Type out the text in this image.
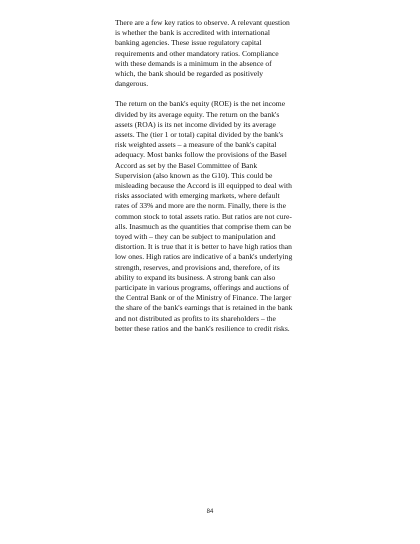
There are a few key ratios to observe. A relevant question
is whether the bank is accredited with international
banking agencies. These issue regulatory capital
requirements and other mandatory ratios. Compliance
with these demands is a minimum in the absence of
which, the bank should be regarded as positively
dangerous.

The return on the bank's equity (ROE) is the net income
divided by its average equity. The return on the bank's
assets (ROA) is its net income divided by its average
assets. The (tier 1 or total) capital divided by the bank's
risk weighted assets – a measure of the bank's capital
adequacy. Most banks follow the provisions of the Basel
Accord as set by the Basel Committee of Bank
Supervision (also known as the G10). This could be
misleading because the Accord is ill equipped to deal with
risks associated with emerging markets, where default
rates of 33% and more are the norm. Finally, there is the
common stock to total assets ratio. But ratios are not cure-
alls. Inasmuch as the quantities that comprise them can be
toyed with – they can be subject to manipulation and
distortion. It is true that it is better to have high ratios than
low ones. High ratios are indicative of a bank's underlying
strength, reserves, and provisions and, therefore, of its
ability to expand its business. A strong bank can also
participate in various programs, offerings and auctions of
the Central Bank or of the Ministry of Finance. The larger
the share of the bank's earnings that is retained in the bank
and not distributed as profits to its shareholders – the
better these ratios and the bank's resilience to credit risks.

84
